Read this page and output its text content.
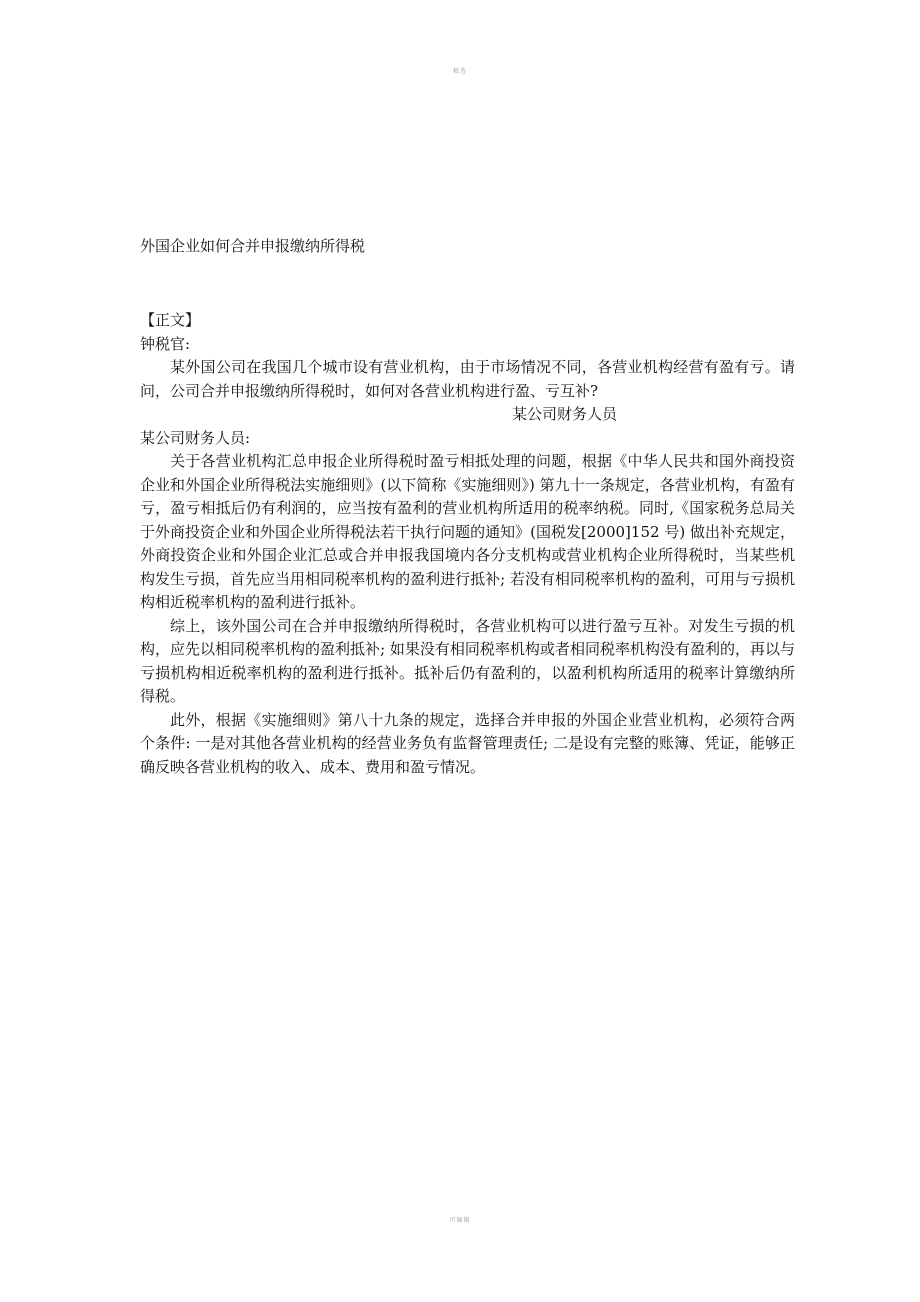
精选
外国企业如何合并申报缴纳所得税

【正文】

钟税官:

某外国公司在我国几个城市设有营业机构，由于市场情况不同，各营业机构经营有盈有亏。请问，公司合并申报缴纳所得税时，如何对各营业机构进行盈、亏互补?

某公司财务人员

某公司财务人员:

关于各营业机构汇总申报企业所得税时盈亏相抵处理的问题，根据《中华人民共和国外商投资企业和外国企业所得税法实施细则》(以下简称《实施细则》) 第九十一条规定，各营业机构，有盈有亏，盈亏相抵后仍有利润的，应当按有盈利的营业机构所适用的税率纳税。同时,《国家税务总局关于外商投资企业和外国企业所得税法若干执行问题的通知》(国税发[2000]152 号) 做出补充规定，外商投资企业和外国企业汇总或合并申报我国境内各分支机构或营业机构企业所得税时，当某些机构发生亏损，首先应当用相同税率机构的盈利进行抵补; 若没有相同税率机构的盈利，可用与亏损机构相近税率机构的盈利进行抵补。

综上，该外国公司在合并申报缴纳所得税时，各营业机构可以进行盈亏互补。对发生亏损的机构，应先以相同税率机构的盈利抵补; 如果没有相同税率机构或者相同税率机构没有盈利的，再以与亏损机构相近税率机构的盈利进行抵补。抵补后仍有盈利的，以盈利机构所适用的税率计算缴纳所得税。

此外，根据《实施细则》第八十九条的规定，选择合并申报的外国企业营业机构，必须符合两个条件: 一是对其他各营业机构的经营业务负有监督管理责任; 二是设有完整的账簿、凭证，能够正确反映各营业机构的收入、成本、费用和盈亏情况。

可编辑
